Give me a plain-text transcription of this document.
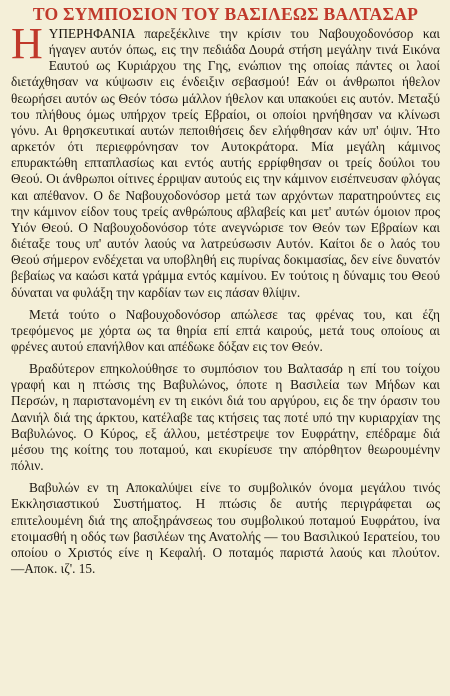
ΤΟ ΣΥΜΠΟΣΙΟΝ ΤΟΥ ΒΑΣΙΛΕΩΣ ΒΑΛΤΑΣΑΡ

ΗΥΠΕΡΗΦΑΝΙΑ παρεξέκλινε την κρίσιν του Ναβουχοδονόσορ και ήγαγεν αυτόν όπως, εις την πεδιάδα Δουρά στήση μεγάλην τινά Εικόνα Εαυτού ως Κυριάρχου της Γης, ενώπιον της οποίας πάντες οι λαοί διετάχθησαν να κύψωσιν εις ένδειξιν σεβασμού! Εάν οι άνθρωποι ήθελον θεωρήσει αυτόν ως Θεόν τόσω μάλλον ήθελον και υπακούει εις αυτόν. Μεταξύ του πλήθους όμως υπήρχον τρείς Εβραίοι, οι οποίοι ηρνήθησαν να κλίνωσι γόνυ. Αι θρησκευτικαί αυτών πεποιθήσεις δεν ελήφθησαν κάν υπ' όψιν. Ήτο αρκετόν ότι περιεφρόνησαν τον Αυτοκράτορα. Μία μεγάλη κάμινος επυρακτώθη επταπλασίως και εντός αυτής ερρίφθησαν οι τρείς δούλοι του Θεού. Οι άνθρωποι οίτινες έρριψαν αυτούς εις την κάμινον εισέπνευσαν φλόγας και απέθανον. Ο δε Ναβουχοδονόσορ μετά των αρχόντων παρατηρούντες εις την κάμινον είδον τους τρείς ανθρώπους αβλαβείς και μετ' αυτών όμοιον προς Υιόν Θεού. Ο Ναβουχοδονόσορ τότε ανεγνώρισε τον Θεόν των Εβραίων και διέταξε τους υπ' αυτόν λαούς να λατρεύσωσιν Αυτόν. Καίτοι δε ο λαός του Θεού σήμερον ενδέχεται να υποβληθή εις πυρίνας δοκιμασίας, δεν είνε δυνατόν βεβαίως να καώσι κατά γράμμα εντός καμίνου. Εν τούτοις η δύναμις του Θεού δύναται να φυλάξη την καρδίαν των εις πάσαν θλίψιν.

Μετά τούτο ο Ναβουχοδονόσορ απώλεσε τας φρένας του, και έζη τρεφόμενος με χόρτα ως τα θηρία επί επτά καιρούς, μετά τους οποίους αι φρένες αυτού επανήλθον και απέδωκε δόξαν εις τον Θεόν.

Βραδύτερον επηκολούθησε το συμπόσιον του Βαλτασάρ η επί του τοίχου γραφή και η πτώσις της Βαβυλώνος, όποτε η Βασιλεία των Μήδων και Περσών, η παριστανομένη εν τη εικόνι διά του αργύρου, εις δε την όρασιν του Δανιήλ διά της άρκτου, κατέλαβε τας κτήσεις τας ποτέ υπό την κυριαρχίαν της Βαβυλώνος. Ο Κύρος, εξ άλλου, μετέστρεψε τον Ευφράτην, επέδραμε διά μέσου της κοίτης του ποταμού, και εκυρίευσε την απόρθητον θεωρουμένην πόλιν.

Βαβυλών εν τη Αποκαλύψει είνε το συμβολικόν όνομα μεγάλου τινός Εκκλησιαστικού Συστήματος. Η πτώσις δε αυτής περιγράφεται ως επιτελουμένη διά της αποξηράνσεως του συμβολικού ποταμού Ευφράτου, ίνα ετοιμασθή η οδός των βασιλέων της Ανατολής — του Βασιλικού Ιερατείου, του οποίου ο Χριστός είνε η Κεφαλή. Ο ποταμός παριστά λαούς και πλούτον. —Αποκ. ιζ'. 15.
